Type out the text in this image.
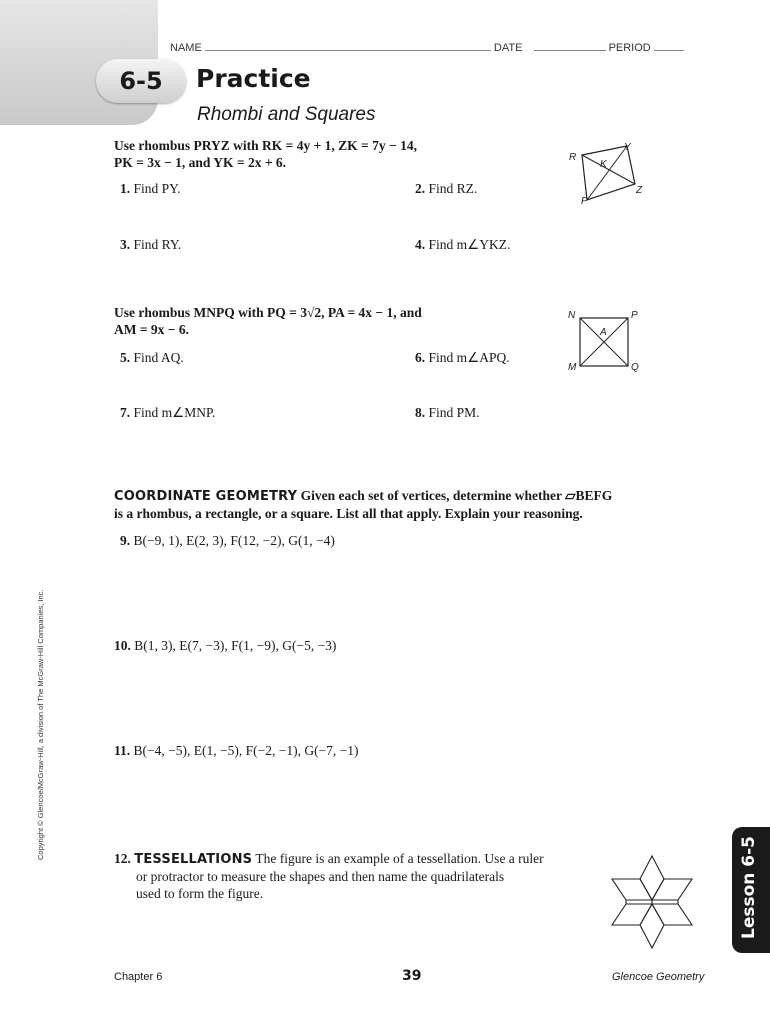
NAME	DATE	PERIOD
6-5 Practice
Rhombi and Squares
Use rhombus PRYZ with RK = 4y + 1, ZK = 7y − 14,
PK = 3x − 1, and YK = 2x + 6.	R
Y
K
P
Z
1. Find PY.	2. Find RZ.
3. Find RY.	4. Find m∠YKZ.
Use rhombus MNPQ with PQ = 3√2, PA = 4x − 1, and
AM = 9x − 6.
N	P
A
M	Q
5. Find AQ.	6. Find m∠APQ.
7. Find m∠MNP.	8. Find PM.
COORDINATE GEOMETRY Given each set of vertices, determine whether ▱BEFG
is a rhombus, a rectangle, or a square. List all that apply. Explain your reasoning.
9. B(−9, 1), E(2, 3), F(12, −2), G(1, −4)
10. B(1, 3), E(7, −3), F(1, −9), G(−5, −3)
11. B(−4, −5), E(1, −5), F(−2, −1), G(−7, −1)
12. TESSELLATIONS The figure is an example of a tessellation. Use a ruler
or protractor to measure the shapes and then name the quadrilaterals
used to form the figure.
Copyright © Glencoe/McGraw-Hill, a division of The McGraw-Hill Companies, Inc.
Lesson 6-5
Chapter 6	39	Glencoe Geometry
